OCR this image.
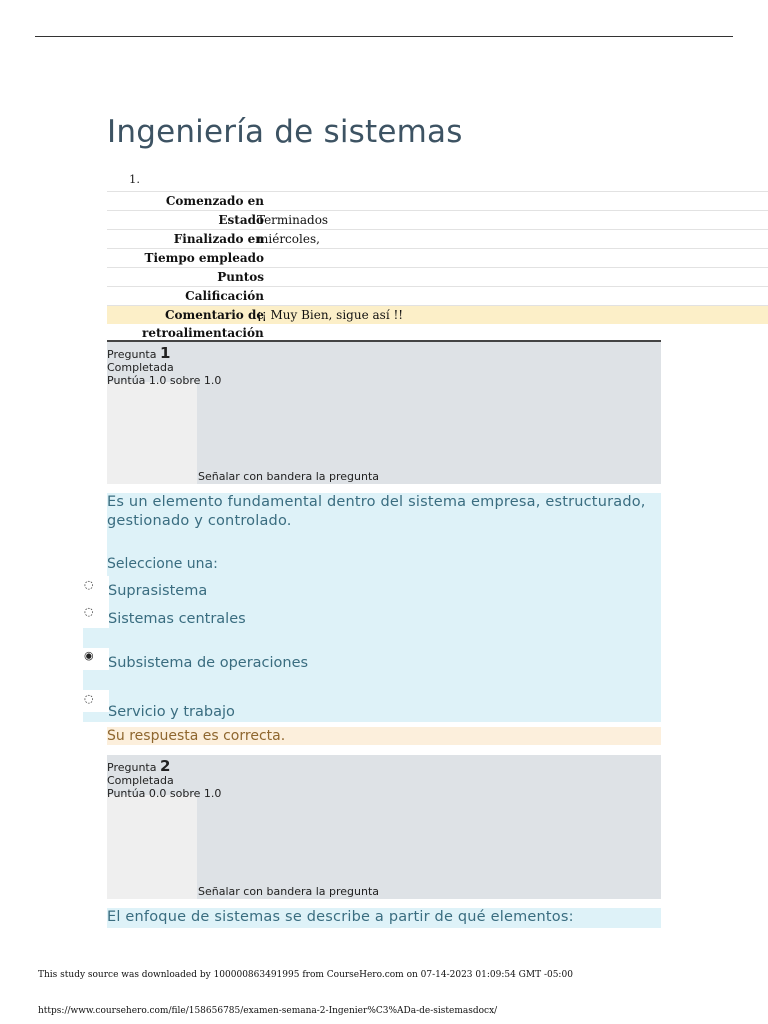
Ingeniería de sistemas
1.
Comenzado en
Estado
Terminados
Finalizado en
miércoles,
Tiempo empleado
Puntos
Calificación
Comentario de
¡¡ Muy Bien, sigue así !!
retroalimentación
Pregunta 1
Completada
Puntúa 1.0 sobre 1.0
Señalar con bandera la pregunta
Es un elemento fundamental dentro del sistema empresa, estructurado, gestionado y controlado.
Seleccione una:
◌ Suprasistema
◌ Sistemas centrales
◉ Subsistema de operaciones
◌
Servicio y trabajo
Su respuesta es correcta.
Pregunta 2
Completada
Puntúa 0.0 sobre 1.0
Señalar con bandera la pregunta
El enfoque de sistemas se describe a partir de qué elementos:
This study source was downloaded by 100000863491995 from CourseHero.com on 07-14-2023 01:09:54 GMT -05:00
https://www.coursehero.com/file/158656785/examen-semana-2-Ingenier%C3%ADa-de-sistemasdocx/
